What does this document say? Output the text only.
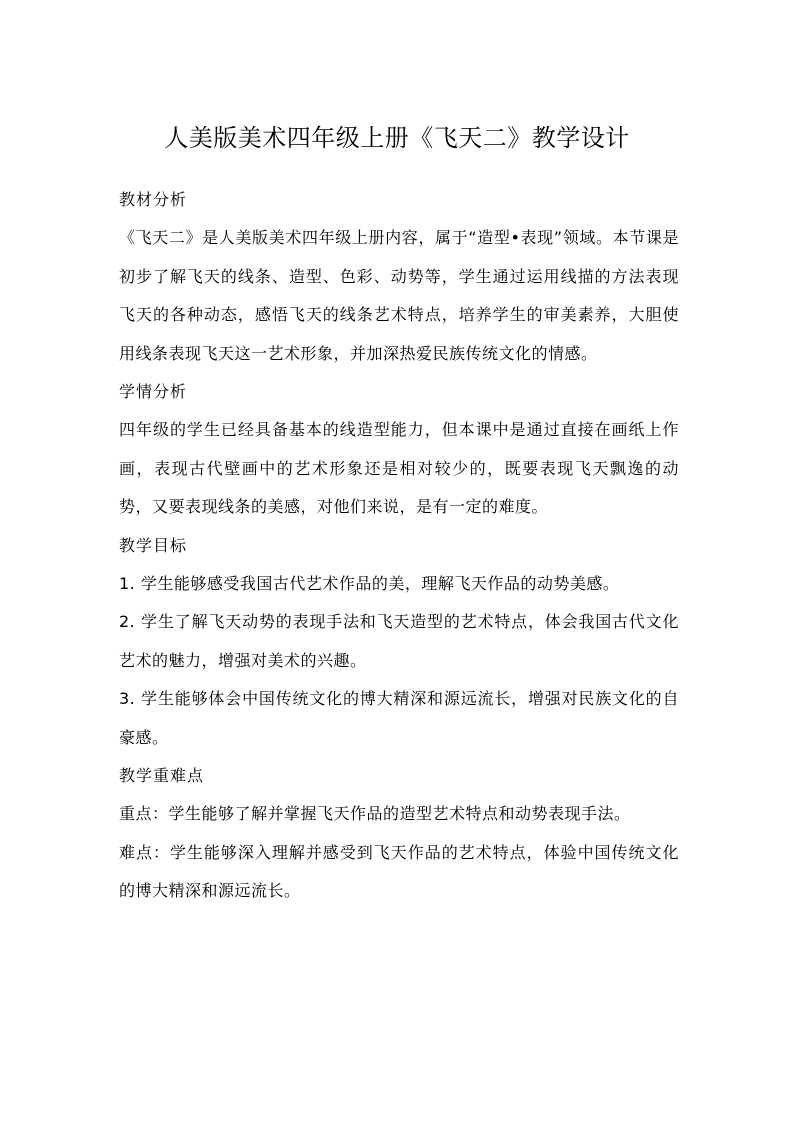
人美版美术四年级上册《飞天二》教学设计
教材分析

《飞天二》是人美版美术四年级上册内容，属于“造型•表现”领域。本节课是初步了解飞天的线条、造型、色彩、动势等，学生通过运用线描的方法表现飞天的各种动态，感悟飞天的线条艺术特点，培养学生的审美素养，大胆使用线条表现飞天这一艺术形象，并加深热爱民族传统文化的情感。

学情分析

四年级的学生已经具备基本的线造型能力，但本课中是通过直接在画纸上作画，表现古代壁画中的艺术形象还是相对较少的，既要表现飞天飘逸的动势，又要表现线条的美感，对他们来说，是有一定的难度。

教学目标

1. 学生能够感受我国古代艺术作品的美，理解飞天作品的动势美感。

2. 学生了解飞天动势的表现手法和飞天造型的艺术特点，体会我国古代文化艺术的魅力，增强对美术的兴趣。

3. 学生能够体会中国传统文化的博大精深和源远流长，增强对民族文化的自豪感。

教学重难点

重点：学生能够了解并掌握飞天作品的造型艺术特点和动势表现手法。

难点：学生能够深入理解并感受到飞天作品的艺术特点，体验中国传统文化的博大精深和源远流长。
